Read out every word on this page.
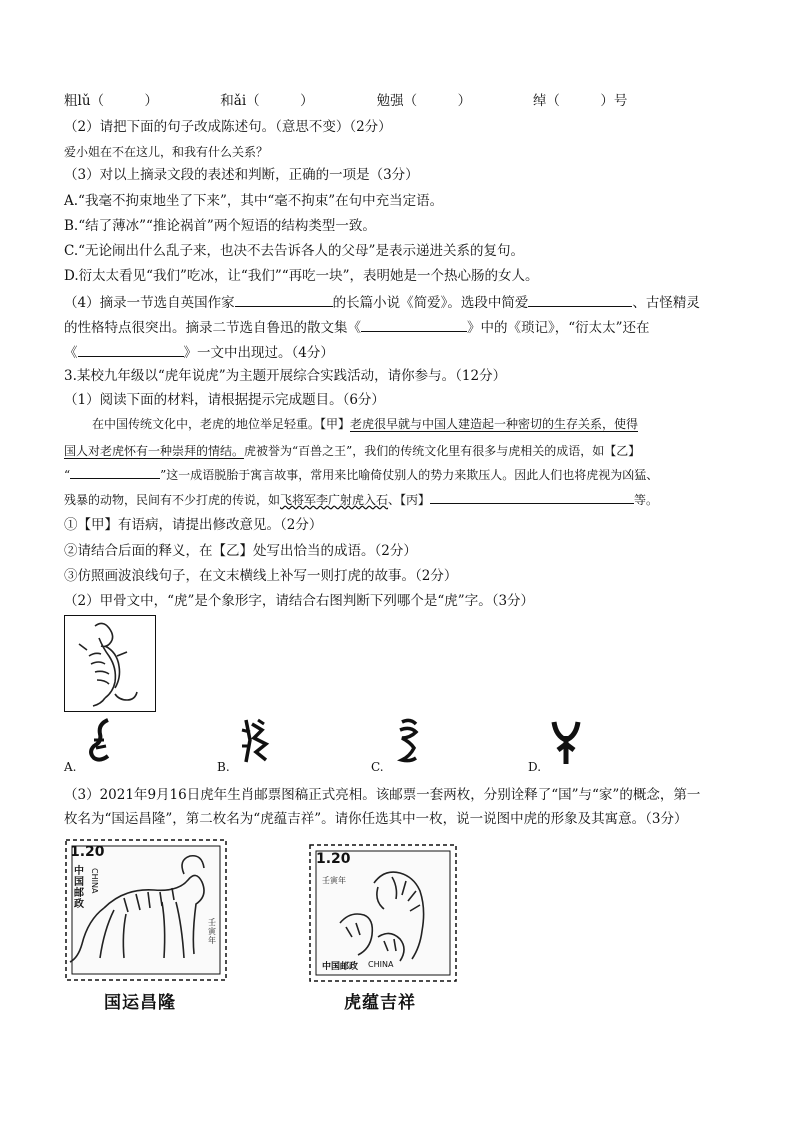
粗lǔ（　　　）	和ǎi（　　　）	勉强（　　　）	绰（　　　）号
（2）请把下面的句子改成陈述句。（意思不变）（2分）
爱小姐在不在这儿，和我有什么关系？
（3）对以上摘录文段的表述和判断，正确的一项是（3分）
A.“我毫不拘束地坐了下来”，其中“毫不拘束”在句中充当定语。
B.“结了薄冰”“推论祸首”两个短语的结构类型一致。
C.“无论闹出什么乱子来，也决不去告诉各人的父母”是表示递进关系的复句。
D.衍太太看见“我们”吃冰，让“我们”“再吃一块”，表明她是一个热心肠的女人。
（4）摘录一节选自英国作家	的长篇小说《简爱》。选段中简爱	、古怪精灵
的性格特点很突出。摘录二节选自鲁迅的散文集《	》中的《琐记》，“衍太太”还在
《	》一文中出现过。（4分）
3.某校九年级以“虎年说虎”为主题开展综合实践活动，请你参与。（12分）
（1）阅读下面的材料，请根据提示完成题目。（6分）
在中国传统文化中，老虎的地位举足轻重。【甲】老虎很早就与中国人建造起一种密切的生存关系，使得
国人对老虎怀有一种崇拜的情结。虎被誉为“百兽之王”，我们的传统文化里有很多与虎相关的成语，如【乙】
“	”这一成语脱胎于寓言故事，常用来比喻倚仗别人的势力来欺压人。因此人们也将虎视为凶猛、
残暴的动物，民间有不少打虎的传说，如飞将军李广射虎入石、【丙】	等。
①【甲】有语病，请提出修改意见。（2分）
②请结合后面的释义，在【乙】处写出恰当的成语。（2分）
③仿照画波浪线句子，在文末横线上补写一则打虎的故事。（2分）
（2）甲骨文中，“虎”是个象形字，请结合右图判断下列哪个是“虎”字。（3分）
A.	B.	C.	D.
（3）2021年9月16日虎年生肖邮票图稿正式亮相。该邮票一套两枚，分别诠释了“国”与“家”的概念，第一
枚名为“国运昌隆”，第二枚名为“虎蕴吉祥”。请你任选其中一枚，说一说图中虎的形象及其寓意。（3分）
1.20
中国邮政
CHINA
壬寅年
国运昌隆
1.20
壬寅年
中国邮政 CHINA
虎蕴吉祥
